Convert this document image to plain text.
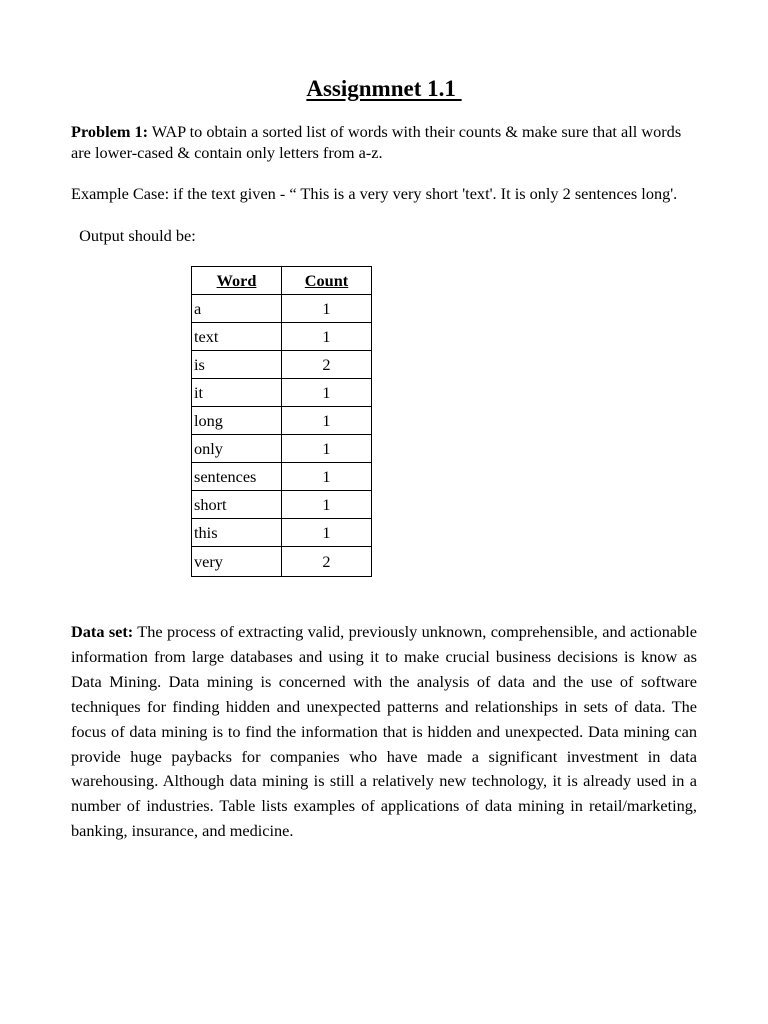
Assignmnet 1.1
Problem 1: WAP to obtain a sorted list of words with their counts & make sure that all words are lower-cased & contain only letters from a-z.
Example Case: if the text given - “ This is a very very short 'text'. It is only 2 sentences long'.
Output should be:
Word	Count
a	1
text	1
is	2
it	1
long	1
only	1
sentences	1
short	1
this	1
very	2
Data set: The process of extracting valid, previously unknown, comprehensible, and actionable information from large databases and using it to make crucial business decisions is know as Data Mining. Data mining is concerned with the analysis of data and the use of software techniques for finding hidden and unexpected patterns and relationships in sets of data. The focus of data mining is to find the information that is hidden and unexpected. Data mining can provide huge paybacks for companies who have made a significant investment in data warehousing. Although data mining is still a relatively new technology, it is already used in a number of industries. Table lists examples of applications of data mining in retail/marketing, banking, insurance, and medicine.
